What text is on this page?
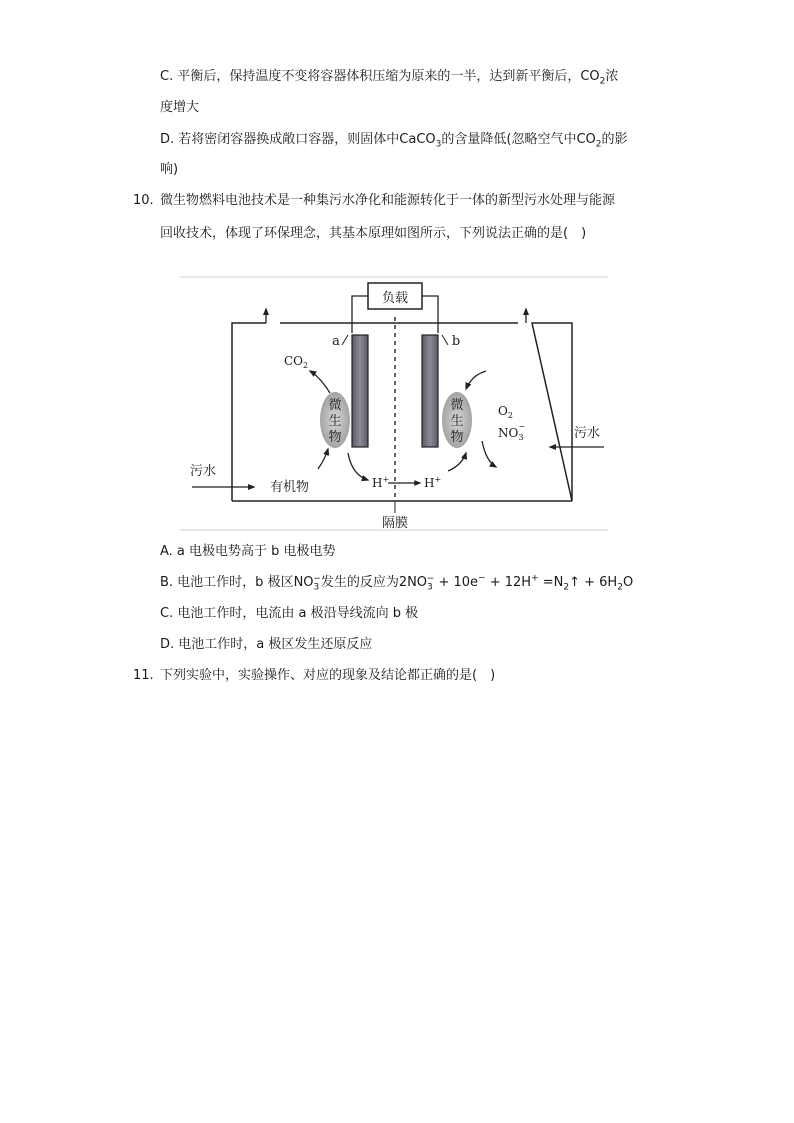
C. 平衡后，保持温度不变将容器体积压缩为原来的一半，达到新平衡后，$CO_2$浓
度增大
D. 若将密闭容器换成敞口容器，则固体中CaCO$_3$的含量降低(忽略空气中$CO_2$的影
响)
10. 微生物燃料电池技术是一种集污水净化和能源转化于一体的新型污水处理与能源
回收技术，体现了环保理念，其基本原理如图所示，下列说法正确的是(　)
负载
a	b
隔膜
微
生
物
微
生
物
$CO_2$
有机物
污水
H+	H+
$O_2$
$NO_3-$	污水
A. a 电极电势高于 b 电极电势
B. 电池工作时，b 极区$NO_3^-$发生的反应为$2NO_3^- + 10e^- + 12H^+$ $=N_2↑ + 6H_2O$
C. 电池工作时，电流由 a 极沿导线流向 b 极
D. 电池工作时，a 极区发生还原反应
11. 下列实验中，实验操作、对应的现象及结论都正确的是(　)
